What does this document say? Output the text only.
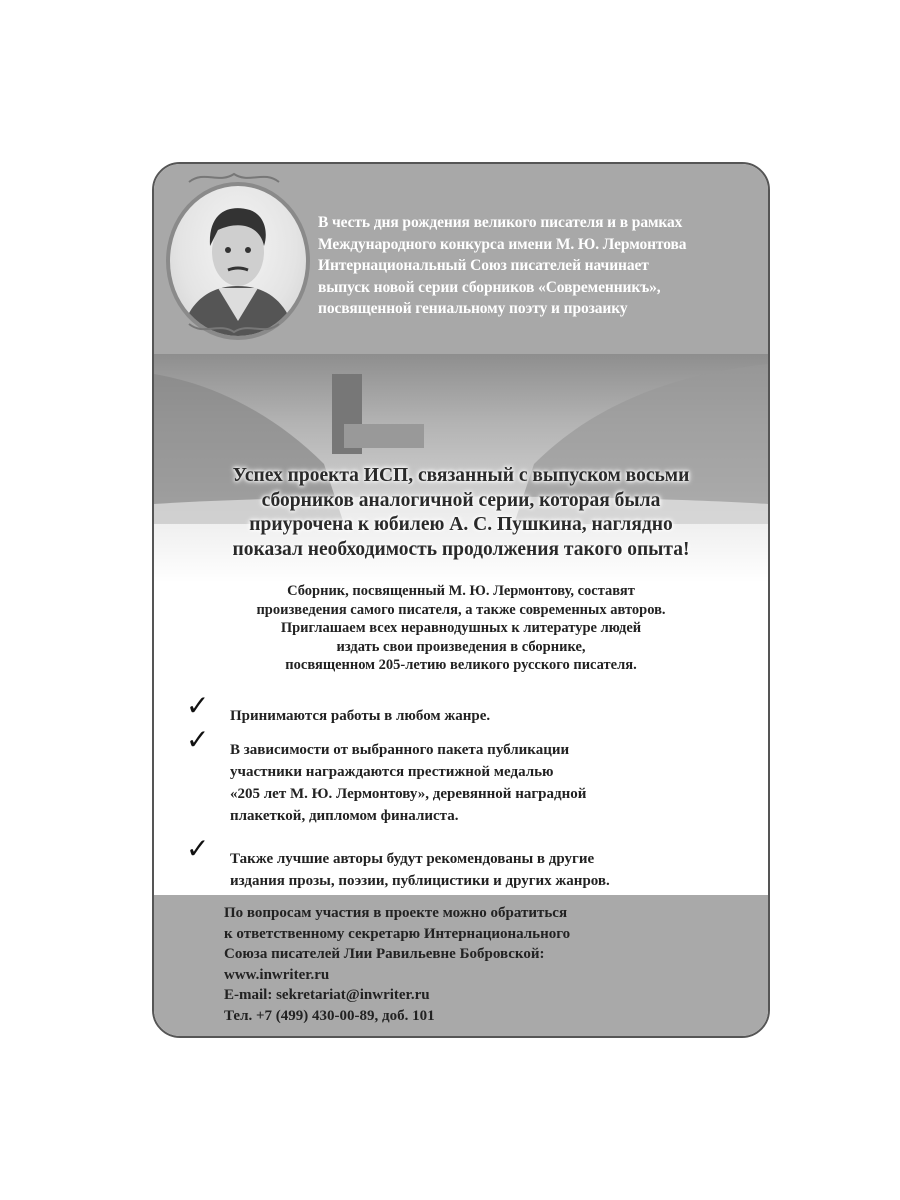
В честь дня рождения великого писателя и в рамках
Международного конкурса имени М. Ю. Лермонтова
Интернациональный Союз писателей начинает
выпуск новой серии сборников «Современникъ»,
посвященной гениальному поэту и прозаику
Успех проекта ИСП, связанный с выпуском восьми
сборников аналогичной серии, которая была
приурочена к юбилею А. С. Пушкина, наглядно
показал необходимость продолжения такого опыта!
Сборник, посвященный М. Ю. Лермонтову, составят
произведения самого писателя, а также современных авторов.
Приглашаем всех неравнодушных к литературе людей
издать свои произведения в сборнике,
посвященном 205-летию великого русского писателя.
✓ Принимаются работы в любом жанре.
✓ В зависимости от выбранного пакета публикации
участники награждаются престижной медалью
«205 лет М. Ю. Лермонтову», деревянной наградной
плакеткой, дипломом финалиста.
✓ Также лучшие авторы будут рекомендованы в другие
издания прозы, поэзии, публицистики и других жанров.
По вопросам участия в проекте можно обратиться
к ответственному секретарю Интернационального
Союза писателей Лии Равильевне Бобровской:
www.inwriter.ru
E-mail: sekretariat@inwriter.ru
Тел. +7 (499) 430-00-89, доб. 101
